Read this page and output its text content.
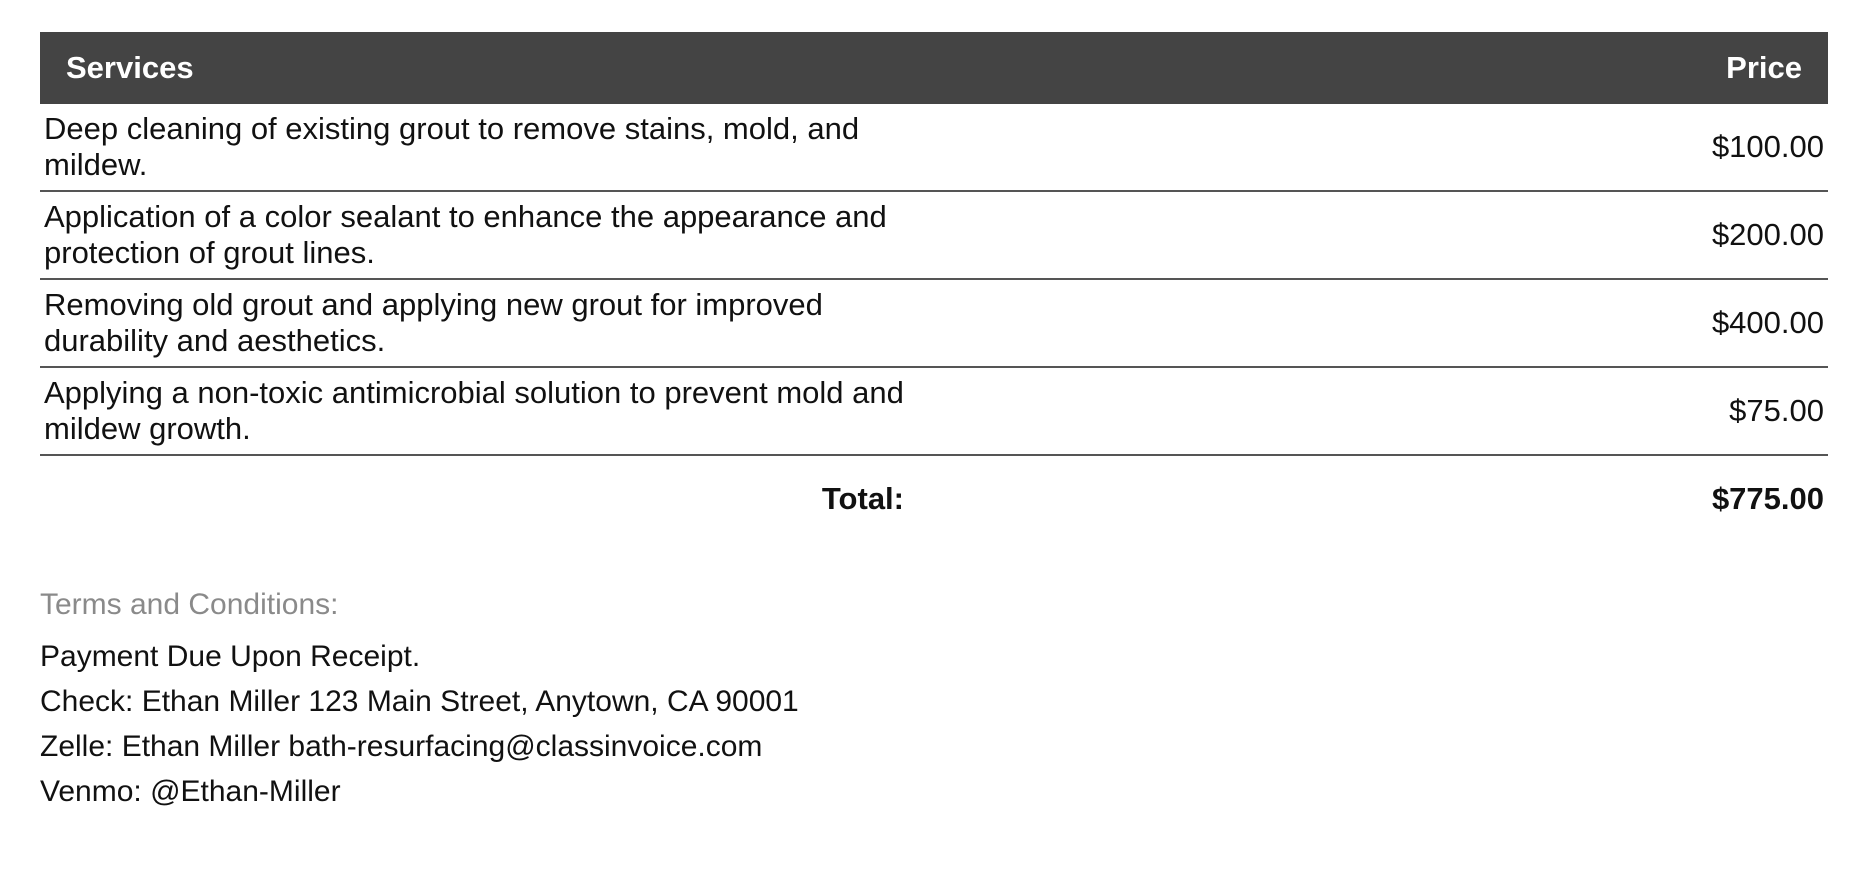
Services	Price
Deep cleaning of existing grout to remove stains, mold, and mildew.	$100.00
Application of a color sealant to enhance the appearance and protection of grout lines.	$200.00
Removing old grout and applying new grout for improved durability and aesthetics.	$400.00
Applying a non-toxic antimicrobial solution to prevent mold and mildew growth.	$75.00
Total:	$775.00
Terms and Conditions:
Payment Due Upon Receipt.
Check: Ethan Miller 123 Main Street, Anytown, CA 90001
Zelle: Ethan Miller bath-resurfacing@classinvoice.com
Venmo: @Ethan-Miller
